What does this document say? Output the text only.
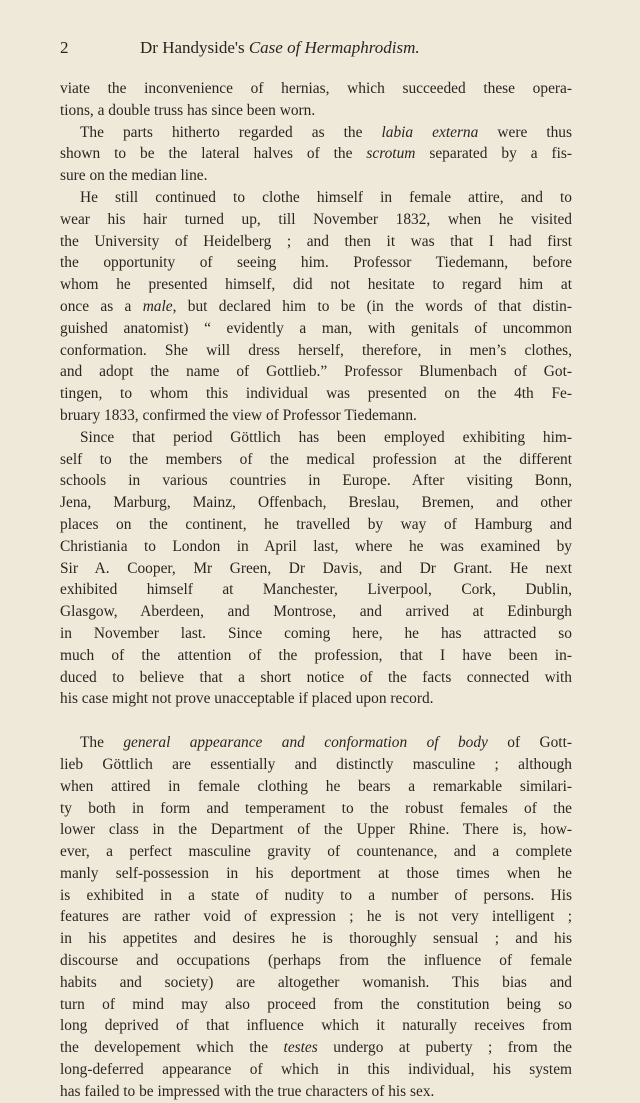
2	Dr Handyside's Case of Hermaphrodism.

viate the inconvenience of hernias, which succeeded these opera-

tions, a double truss has since been worn.

The parts hitherto regarded as the labia externa were thus

shown to be the lateral halves of the scrotum separated by a fis-

sure on the median line.

He still continued to clothe himself in female attire, and to

wear his hair turned up, till November 1832, when he visited

the University of Heidelberg ; and then it was that I had first

the opportunity of seeing him. Professor Tiedemann, before

whom he presented himself, did not hesitate to regard him at

once as a male, but declared him to be (in the words of that distin-

guished anatomist) “ evidently a man, with genitals of uncommon

conformation. She will dress herself, therefore, in men’s clothes,

and adopt the name of Gottlieb.” Professor Blumenbach of Got-

tingen, to whom this individual was presented on the 4th Fe-

bruary 1833, confirmed the view of Professor Tiedemann.

Since that period Göttlich has been employed exhibiting him-

self to the members of the medical profession at the different

schools in various countries in Europe. After visiting Bonn,

Jena, Marburg, Mainz, Offenbach, Breslau, Bremen, and other

places on the continent, he travelled by way of Hamburg and

Christiania to London in April last, where he was examined by

Sir A. Cooper, Mr Green, Dr Davis, and Dr Grant. He next

exhibited himself at Manchester, Liverpool, Cork, Dublin,

Glasgow, Aberdeen, and Montrose, and arrived at Edinburgh

in November last. Since coming here, he has attracted so

much of the attention of the profession, that I have been in-

duced to believe that a short notice of the facts connected with

his case might not prove unacceptable if placed upon record.

The general appearance and conformation of body of Gott-

lieb Göttlich are essentially and distinctly masculine ; although

when attired in female clothing he bears a remarkable similari-

ty both in form and temperament to the robust females of the

lower class in the Department of the Upper Rhine. There is, how-

ever, a perfect masculine gravity of countenance, and a complete

manly self-possession in his deportment at those times when he

is exhibited in a state of nudity to a number of persons. His

features are rather void of expression ; he is not very intelligent ;

in his appetites and desires he is thoroughly sensual ; and his

discourse and occupations (perhaps from the influence of female

habits and society) are altogether womanish. This bias and

turn of mind may also proceed from the constitution being so

long deprived of that influence which it naturally receives from

the developement which the testes undergo at puberty ; from the

long-deferred appearance of which in this individual, his system

has failed to be impressed with the true characters of his sex.
